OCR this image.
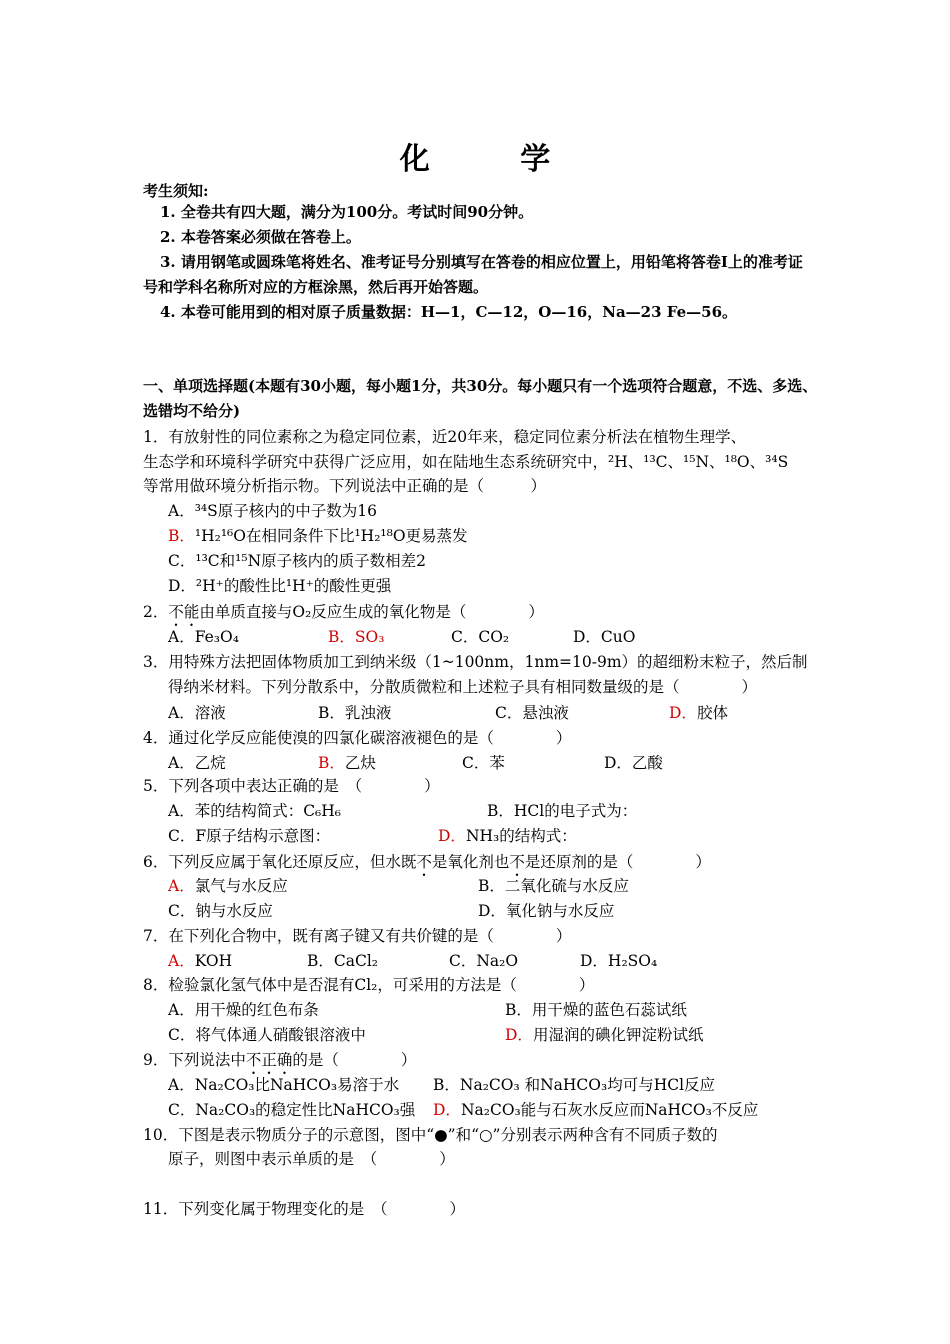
化 学
考生须知:
1. 全卷共有四大题，满分为100分。考试时间90分钟。
2. 本卷答案必须做在答卷上。
3. 请用钢笔或圆珠笔将姓名、准考证号分别填写在答卷的相应位置上，用铅笔将答卷Ⅰ上的准考证号和学科名称所对应的方框涂黑，然后再开始答题。
4. 本卷可能用到的相对原子质量数据：H—1，C—12，O—16，Na—23 Fe—56。
一、单项选择题(本题有30小题，每小题1分，共30分。每小题只有一个选项符合题意，不选、多选、选错均不给分)
1．有放射性的同位素称之为稳定同位素，近20年来，稳定同位素分析法在植物生理学、
生态学和环境科学研究中获得广泛应用，如在陆地生态系统研究中，²H、¹³C、¹⁵N、¹⁸O、³⁴S
等常用做环境分析指示物。下列说法中正确的是（　　　）
A．³⁴S原子核内的中子数为16
B．¹H₂¹⁶O在相同条件下比¹H₂¹⁸O更易蒸发
C．¹³C和¹⁵N原子核内的质子数相差2
D．²H⁺的酸性比¹H⁺的酸性更强
2．不能由单质直接与O₂反应生成的氧化物是（　　　　）
A．Fe₃O₄	B．SO₃	C．CO₂	D．CuO
3．用特殊方法把固体物质加工到纳米级（1~100nm，1nm=10-9m）的超细粉末粒子，然后制
得纳米材料。下列分散系中，分散质微粒和上述粒子具有相同数量级的是（　　　　）
A．溶液	B．乳浊液	C．悬浊液	D．胶体
4．通过化学反应能使溴的四氯化碳溶液褪色的是（　　　　）
A．乙烷	B．乙炔	C．苯	D．乙酸
5．下列各项中表达正确的是　（　　　　）
A．苯的结构简式：C₆H₆	B．HCl的电子式为：
C．F原子结构示意图：	D．NH₃的结构式：
6．下列反应属于氧化还原反应，但水既不是氧化剂也不是还原剂的是（　　　　）
A．氯气与水反应	B．二氧化硫与水反应
C．钠与水反应	D．氧化钠与水反应
7．在下列化合物中，既有离子键又有共价键的是（　　　　）
A．KOH	B．CaCl₂	C．Na₂O	D．H₂SO₄
8．检验氯化氢气体中是否混有Cl₂，可采用的方法是（　　　　）
A．用干燥的红色布条	B．用干燥的蓝色石蕊试纸
C．将气体通人硝酸银溶液中	D．用湿润的碘化钾淀粉试纸
9．下列说法中不正确的是（　　　　）
A．Na₂CO₃比NaHCO₃易溶于水 B．Na₂CO₃ 和NaHCO₃均可与HCl反应
C．Na₂CO₃的稳定性比NaHCO₃强 D．Na₂CO₃能与石灰水反应而NaHCO₃不反应
10．下图是表示物质分子的示意图，图中“●”和“○”分别表示两种含有不同质子数的
原子，则图中表示单质的是　（　　　　）
11．下列变化属于物理变化的是　（　　　　）
